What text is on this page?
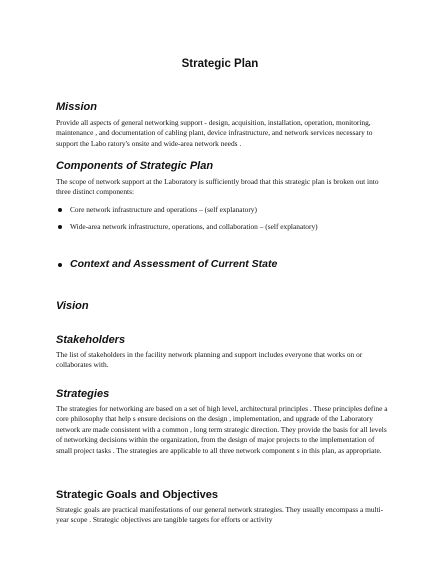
Strategic Plan
Mission

Provide all aspects of general networking support - design, acquisition, installation, operation, monitoring, maintenance , and documentation of cabling plant, device infrastructure, and network services necessary to support the Labo ratory's onsite and wide-area network needs .

Components of Strategic Plan

The scope of network support at the Laboratory is sufficiently broad that this strategic plan is broken out into three distinct components:

Core network infrastructure and operations – (self explanatory)
Wide-area network infrastructure, operations, and collaboration – (self explanatory)
Context and Assessment of Current State
Vision
Stakeholders

The list of stakeholders in the facility network planning and support includes everyone that works on or collaborates with.

Strategies

The strategies for networking are based on a set of high level, architectural principles . These principles define a core philosophy that help s ensure decisions on the design , implementation, and upgrade of the Laboratory network are made consistent with a common , long term strategic direction. They provide the basis for all levels of networking decisions within the organization, from the design of major projects to the implementation of small project tasks . The strategies are applicable to all three network component s in this plan, as appropriate.

Strategic Goals and Objectives

Strategic goals are practical manifestations of our general network strategies. They usually encompass a multi-year scope . Strategic objectives are tangible targets for efforts or activity
